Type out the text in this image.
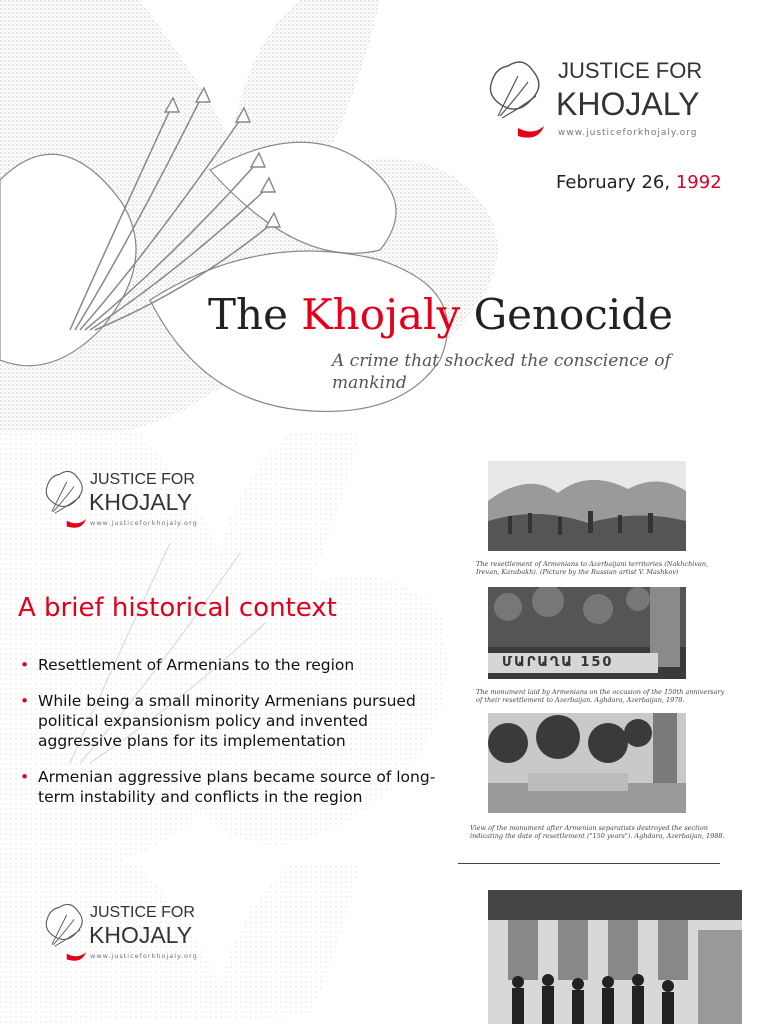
JUSTICE FOR
KHOJALY
www.justiceforkhojaly.org
February 26, 1992
The Khojaly Genocide
A crime that shocked the conscience of mankind
JUSTICE FOR
KHOJALY
www.justiceforkhojaly.org
A brief historical context
• Resettlement of Armenians to the region
• While being a small minority Armenians pursued political expansionism policy and invented aggressive plans for its implementation
• Armenian aggressive plans became source of long-term instability and conflicts in the region
The resettlement of Armenians to Azerbaijani territories (Nakhchivan, Irevan, Karabakh). (Picture by the Russian artist V. Mashkov)
ՄԱՐԱՂԱ 150
The monument laid by Armenians on the occasion of the 150th anniversary of their resettlement to Azerbaijan. Aghdara, Azerbaijan, 1978.
View of the monument after Armenian separatists destroyed the section indicating the date of resettlement ("150 years"). Aghdara, Azerbaijan, 1988.
JUSTICE FOR
KHOJALY
www.justiceforkhojaly.org
